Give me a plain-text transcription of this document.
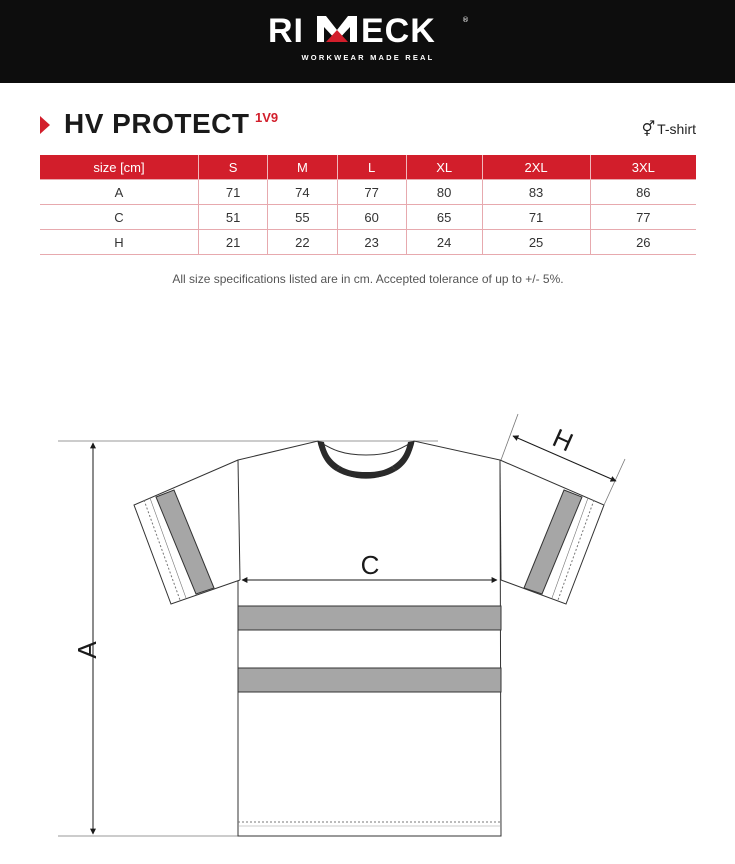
RI ECK	®
WORKWEAR MADE REAL
HV PROTECT 1V9
⚥ T-shirt
size [cm]	S	M	L	XL	2XL	3XL
A	71	74	77	80	83	86
C	51	55	60	65	71	77
H	21	22	23	24	25	26
All size specifications listed are in cm. Accepted tolerance of up to +/- 5%.
A
C
H
